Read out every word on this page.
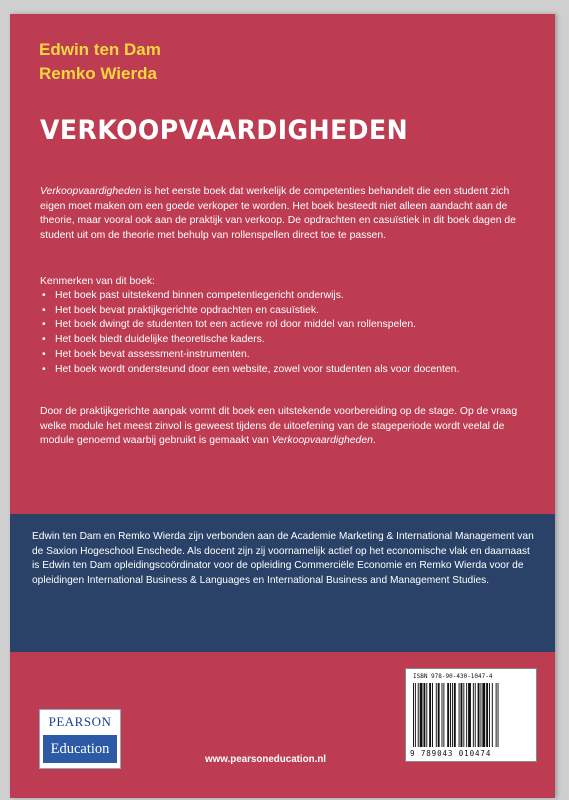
Edwin ten Dam
Remko Wierda
VERKOOPVAARDIGHEDEN
Verkoopvaardigheden is het eerste boek dat werkelijk de competenties behandelt die een student zich eigen moet maken om een goede verkoper te worden. Het boek besteedt niet alleen aandacht aan de theorie, maar vooral ook aan de praktijk van verkoop. De opdrachten en casuïstiek in dit boek dagen de student uit om de theorie met behulp van rollenspellen direct toe te passen.
Kenmerken van dit boek:
• Het boek past uitstekend binnen competentiegericht onderwijs.
• Het boek bevat praktijkgerichte opdrachten en casuïstiek.
• Het boek dwingt de studenten tot een actieve rol door middel van rollenspelen.
• Het boek biedt duidelijke theoretische kaders.
• Het boek bevat assessment-instrumenten.
• Het boek wordt ondersteund door een website, zowel voor studenten als voor docenten.
Door de praktijkgerichte aanpak vormt dit boek een uitstekende voorbereiding op de stage. Op de vraag welke module het meest zinvol is geweest tijdens de uitoefening van de stageperiode wordt veelal de module genoemd waarbij gebruikt is gemaakt van Verkoopvaardigheden.
Edwin ten Dam en Remko Wierda zijn verbonden aan de Academie Marketing & International Management van de Saxion Hogeschool Enschede. Als docent zijn zij voornamelijk actief op het economische vlak en daarnaast is Edwin ten Dam opleidingscoördinator voor de opleiding Commerciële Economie en Remko Wierda voor de opleidingen International Business & Languages en International Business and Management Studies.
ISBN 978-90-430-1047-4
9 789043 010474
PEARSON
Education
www.pearsoneducation.nl
